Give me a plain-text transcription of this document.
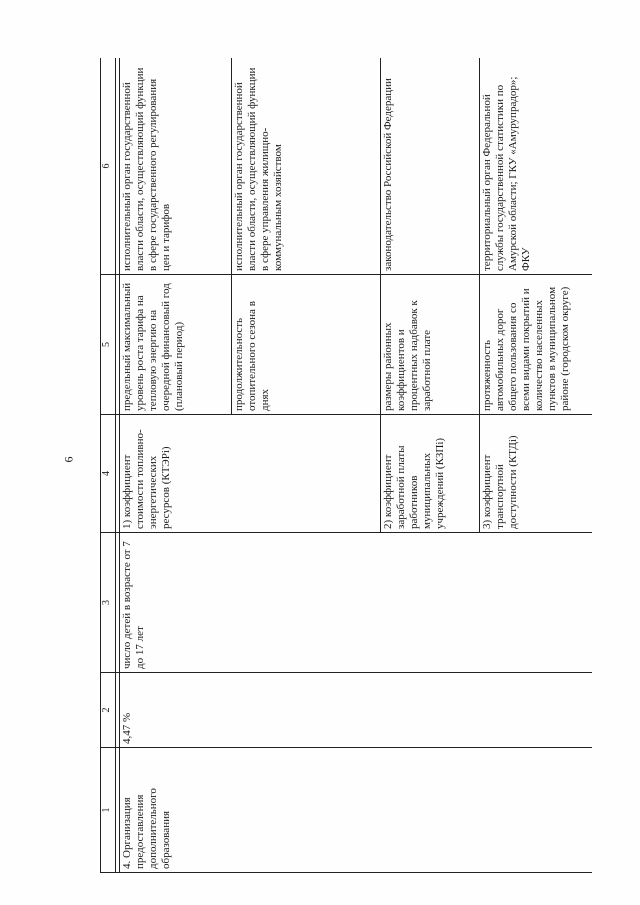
6
1	2	3	4	5	6

4. Организация предоставления дополнительного образования	4,47 %	число детей в возрасте от 7 до 17 лет	1) коэффициент стоимости топливно-энергетических ресурсов (КТЭРi)	предельный максимальный уровень роста тарифа на тепловую энергию на очередной финансовый год (плановый период)	исполнительный орган государственной власти области, осуществляющий функции в сфере государственного регулирования цен и тарифов
				продолжительность отопительного сезона в днях	исполнительный орган государственной власти области, осуществляющий функции в сфере управления жилищно-коммунальным хозяйством
			2) коэффициент заработной платы работников муниципальных учреждений (КЗПi)	размеры районных коэффициентов и процентных надбавок к заработной плате	законодательство Российской Федерации
			3) коэффициент транспортной доступности (КТДi)	протяженность автомобильных дорог общего пользования со всеми видами покрытий и количество населенных пунктов в муниципальном районе (городском округе)	территориальный орган Федеральной службы государственной статистики по Амурской области; ГКУ «Амурупрадор»; ФКУ
